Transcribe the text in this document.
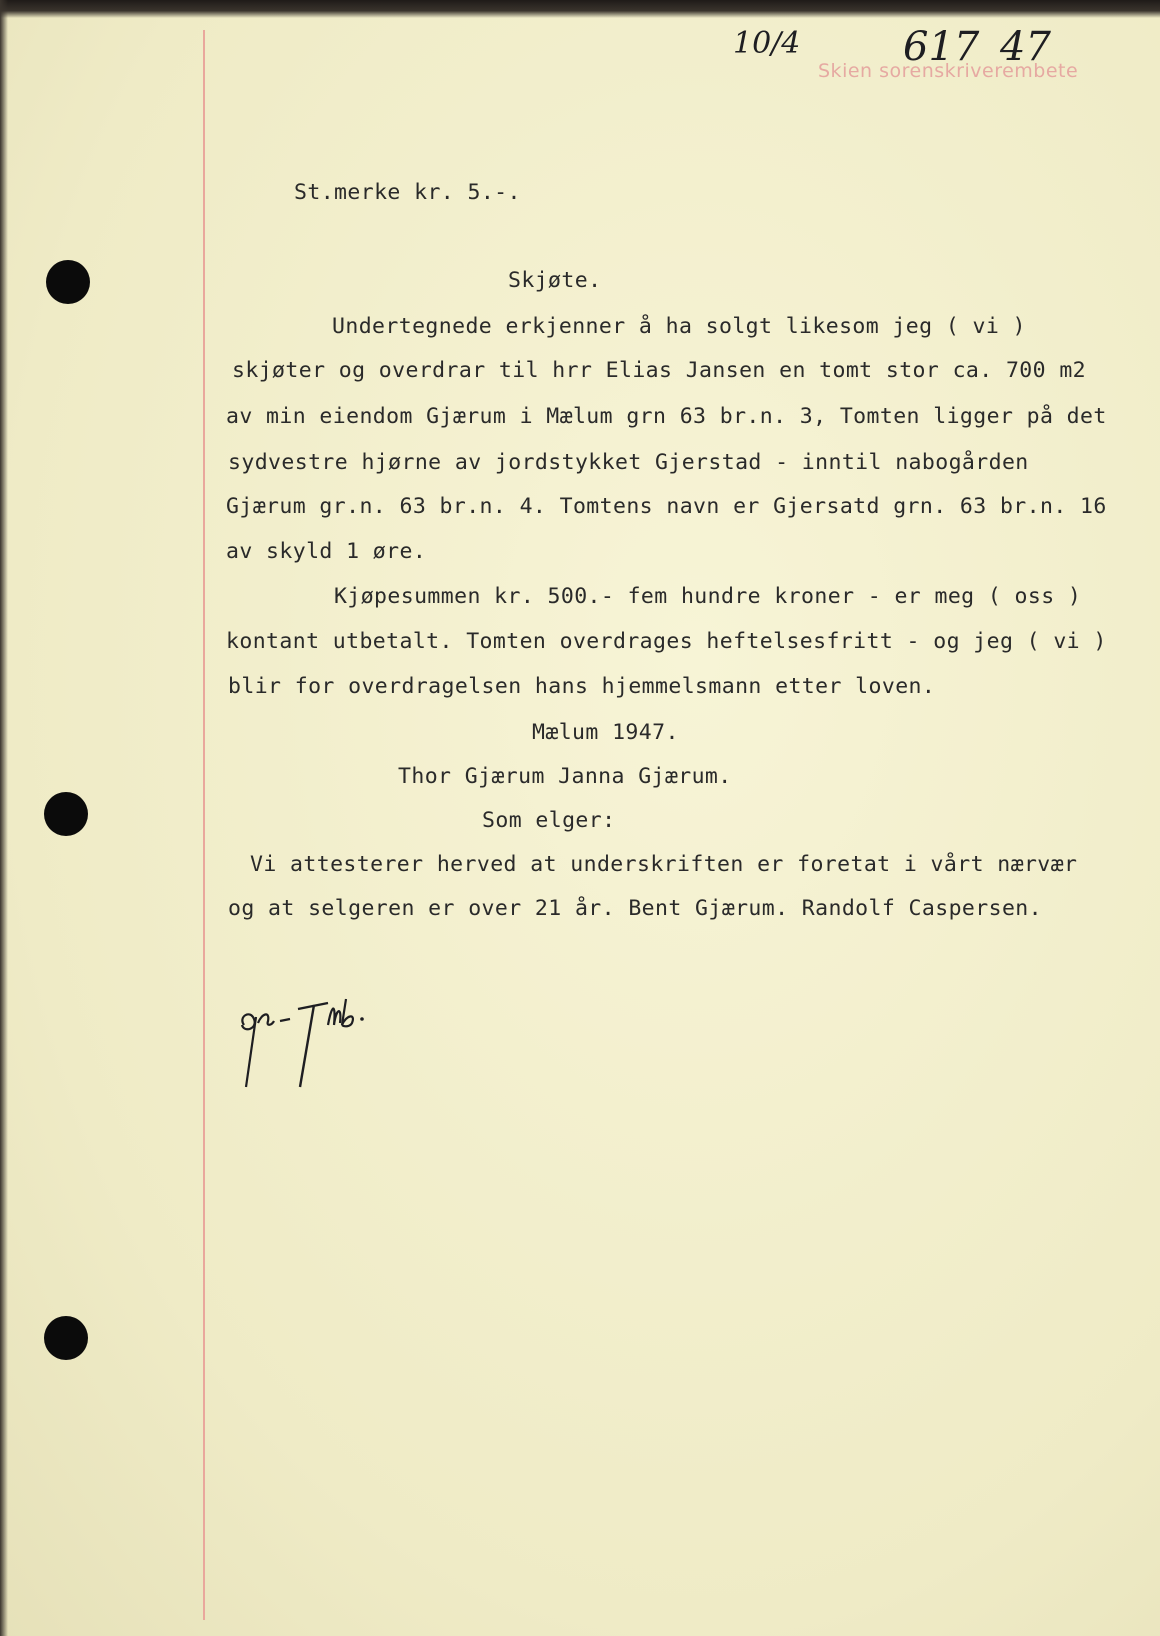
10/4	617 47
Skien sorenskriverembete
St.merke kr. 5.-.
Skjøte.
Undertegnede erkjenner å ha solgt likesom jeg ( vi )
skjøter og overdrar til hrr Elias Jansen en tomt stor ca. 700 m2
av min eiendom Gjærum i Mælum grn 63 br.n. 3, Tomten ligger på det
sydvestre hjørne av jordstykket Gjerstad - inntil nabogården
Gjærum gr.n. 63 br.n. 4. Tomtens navn er Gjersatd grn. 63 br.n. 16
av skyld 1 øre.
Kjøpesummen kr. 500.- fem hundre kroner - er meg ( oss )
kontant utbetalt. Tomten overdrages heftelsesfritt - og jeg ( vi )
blir for overdragelsen hans hjemmelsmann etter loven.
Mælum 1947.
Thor Gjærum Janna Gjærum.
Som elger:
Vi attesterer herved at underskriften er foretat i vårt nærvær
og at selgeren er over 21 år. Bent Gjærum. Randolf Caspersen.
